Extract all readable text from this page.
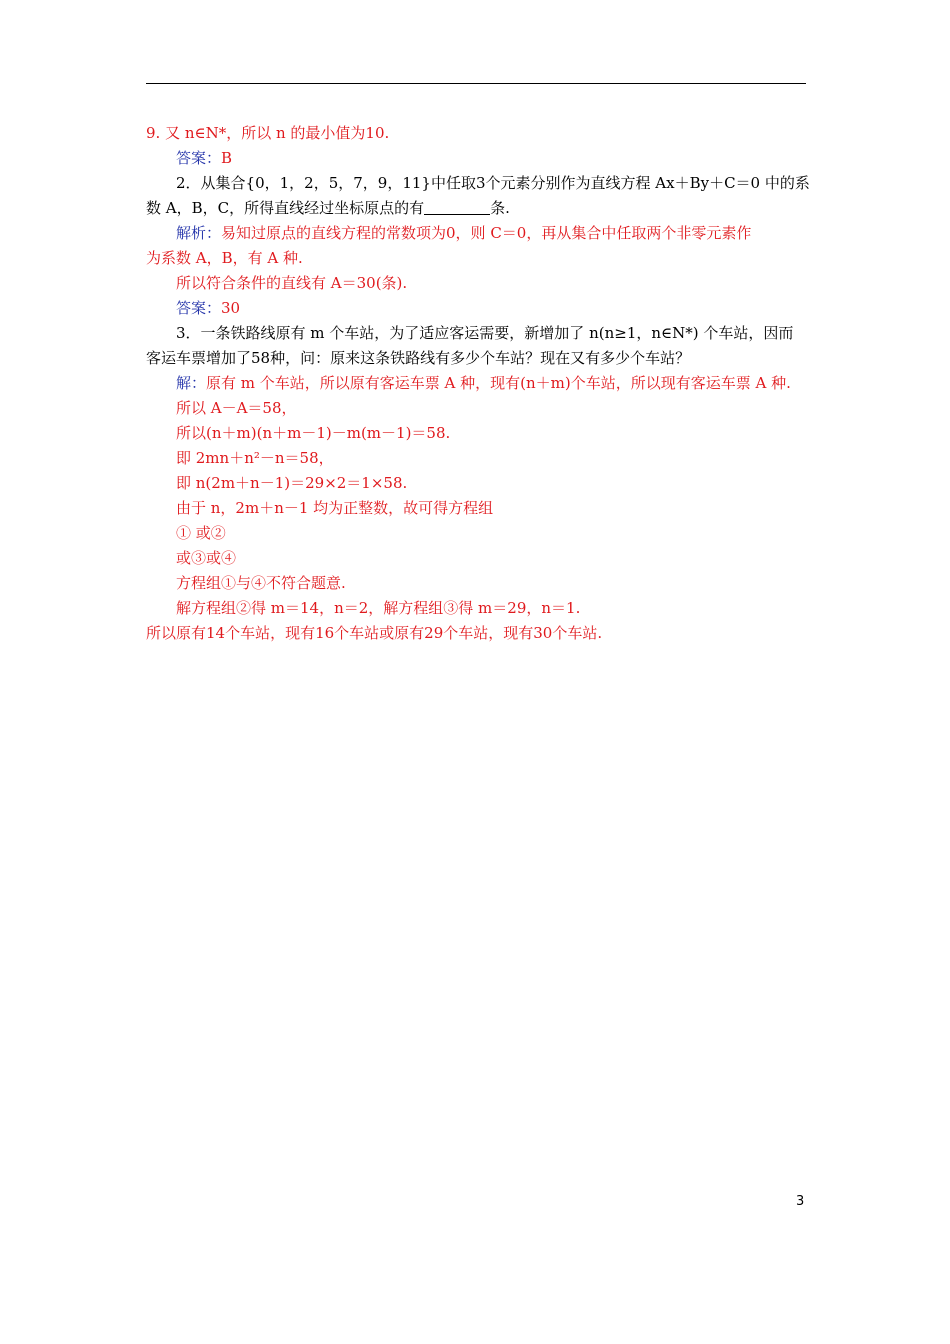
9. 又 n∈N*，所以 n 的最小值为10.
答案：B
2．从集合{0，1，2，5，7，9，11}中任取3个元素分别作为直线方程 Ax＋By＋C＝0 中的系
数 A，B，C，所得直线经过坐标原点的有	条.
解析：易知过原点的直线方程的常数项为0，则 C＝0，再从集合中任取两个非零元素作
为系数 A，B，有 A 种.
所以符合条件的直线有 A＝30(条).
答案：30
3．一条铁路线原有 m 个车站，为了适应客运需要，新增加了 n(n≥1，n∈N*) 个车站，因而
客运车票增加了58种，问：原来这条铁路线有多少个车站？现在又有多少个车站？
解：原有 m 个车站，所以原有客运车票 A 种，现有(n＋m)个车站，所以现有客运车票 A 种.
所以 A－A＝58，
所以(n＋m)(n＋m－1)－m(m－1)＝58.
即 2mn＋n²－n＝58，
即 n(2m＋n－1)＝29×2＝1×58.
由于 n，2m＋n－1 均为正整数，故可得方程组
① 或②
或③或④
方程组①与④不符合题意.
解方程组②得 m＝14，n＝2，解方程组③得 m＝29，n＝1.
所以原有14个车站，现有16个车站或原有29个车站，现有30个车站.
3
